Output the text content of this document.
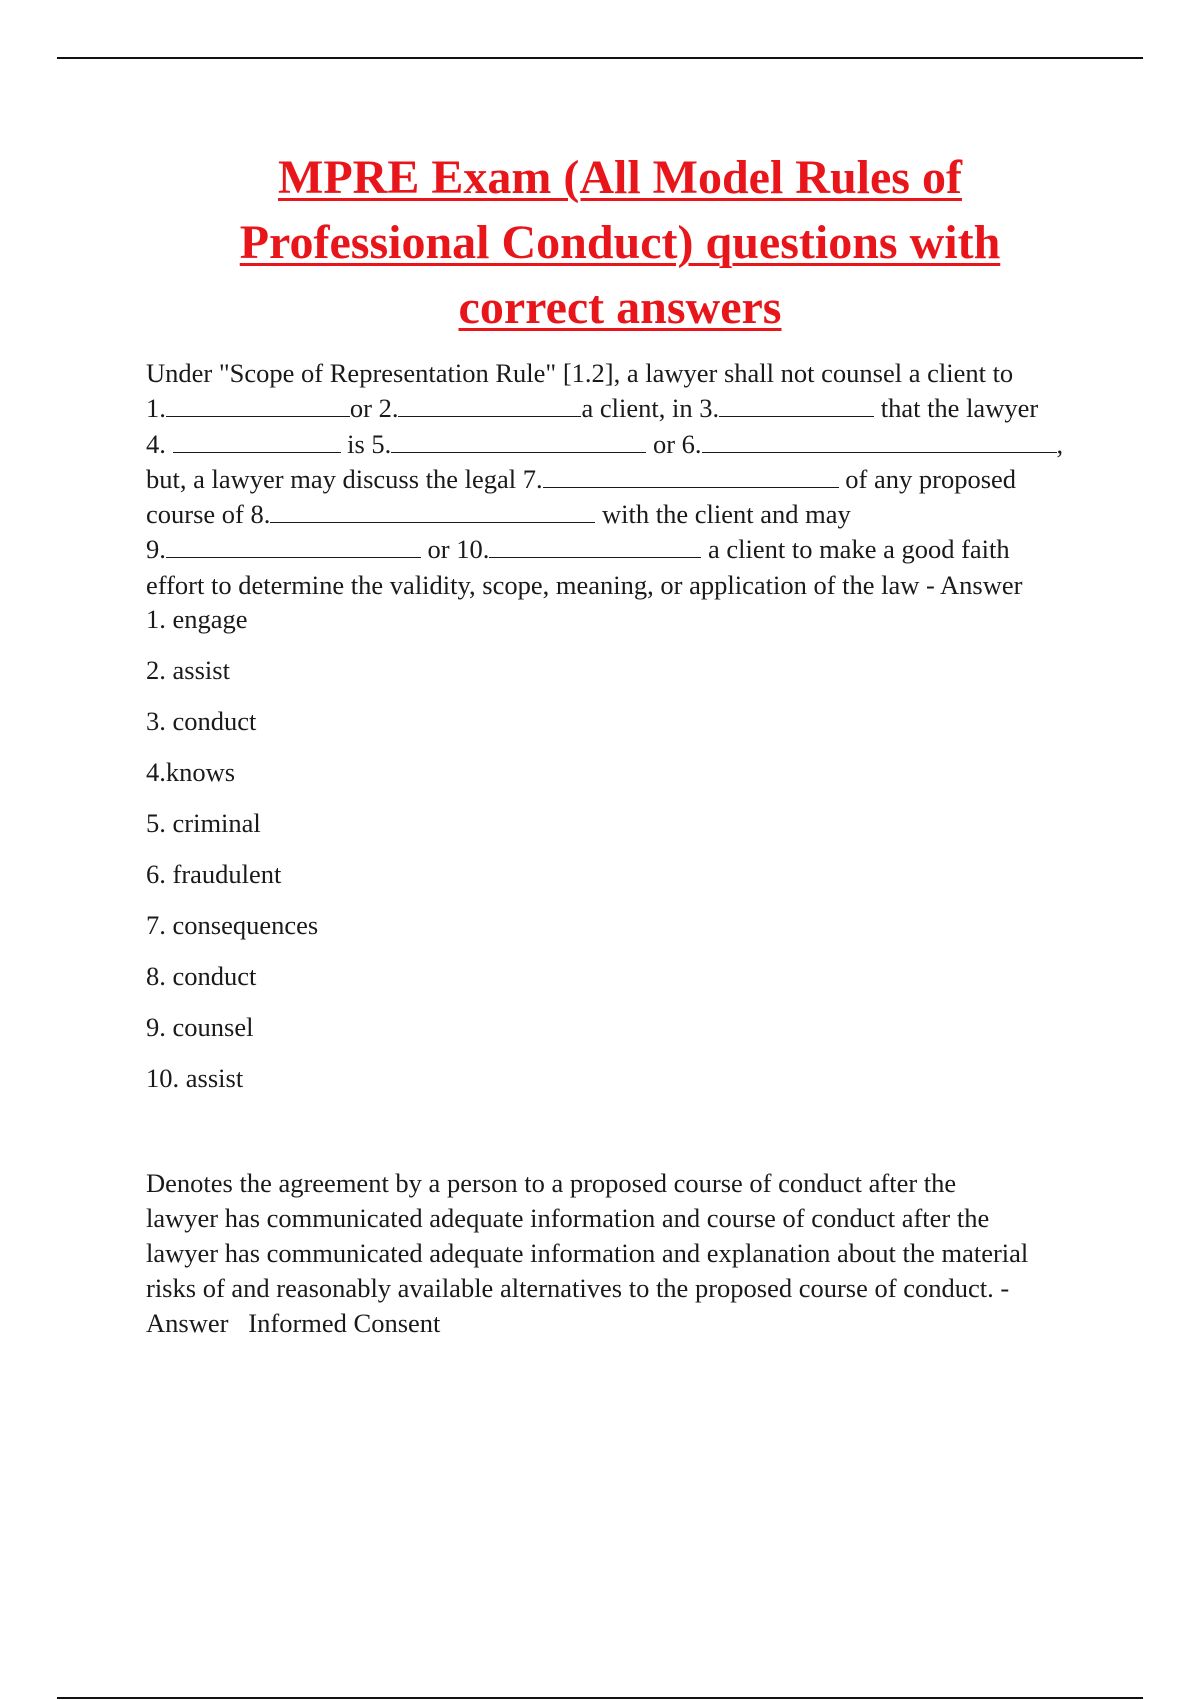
MPRE Exam (All Model Rules of
Professional Conduct) questions with
correct answers
Under "Scope of Representation Rule" [1.2], a lawyer shall not counsel a client to
1.	or 2.	a client, in 3.	that the lawyer
4.	is 5.	or 6.	,
but, a lawyer may discuss the legal 7.	of any proposed
course of 8.	with the client and may
9.	or 10.	a client to make a good faith
effort to determine the validity, scope, meaning, or application of the law - Answer
1. engage
2. assist
3. conduct
4.knows
5. criminal
6. fraudulent
7. consequences
8. conduct
9. counsel
10. assist
Denotes the agreement by a person to a proposed course of conduct after the
lawyer has communicated adequate information and course of conduct after the
lawyer has communicated adequate information and explanation about the material
risks of and reasonably available alternatives to the proposed course of conduct. -
Answer   Informed Consent
